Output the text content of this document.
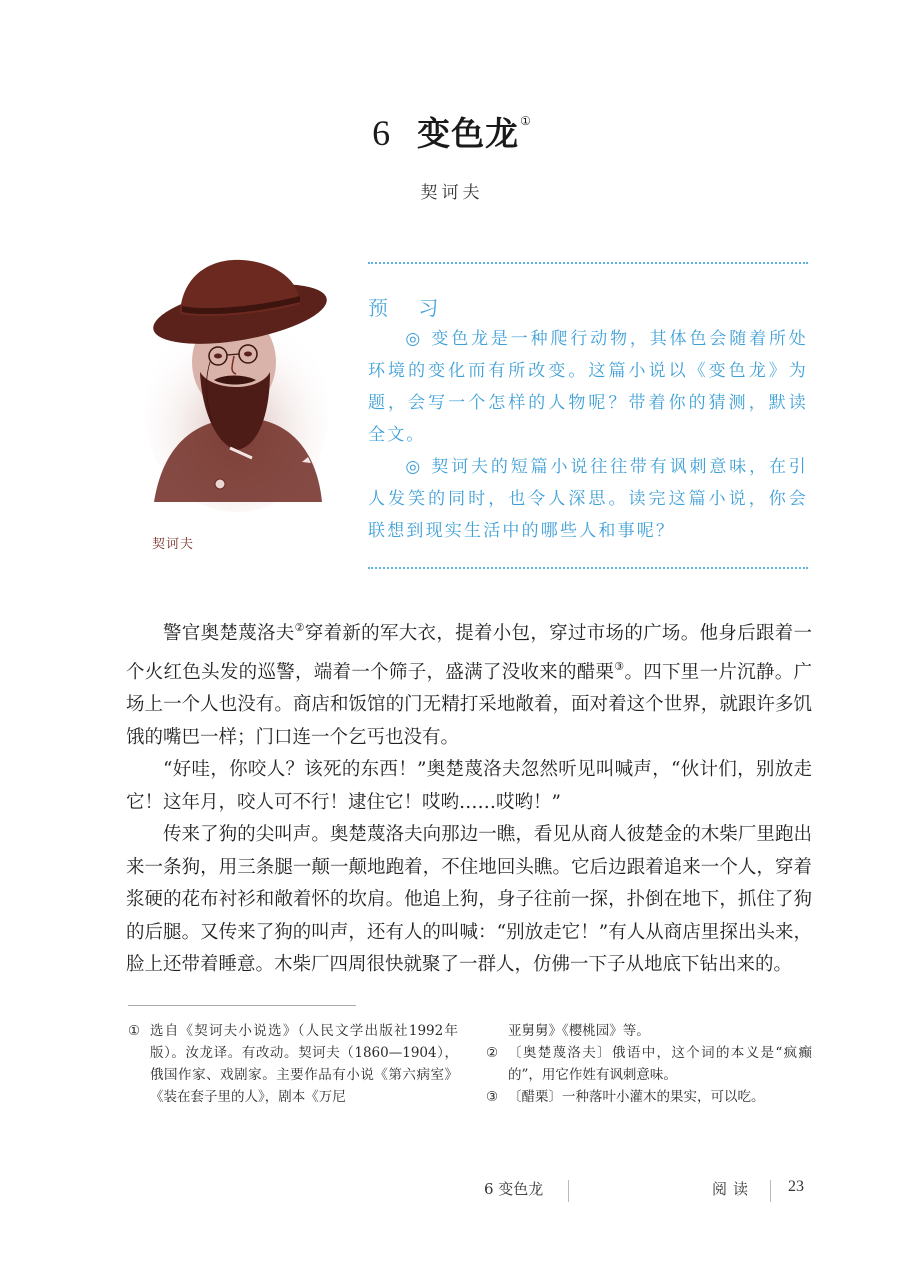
6 变色龙①
契诃夫
契诃夫
预 习

◎ 变色龙是一种爬行动物，其体色会随着所处环境的变化而有所改变。这篇小说以《变色龙》为题，会写一个怎样的人物呢？带着你的猜测，默读全文。

◎ 契诃夫的短篇小说往往带有讽刺意味，在引人发笑的同时，也令人深思。读完这篇小说，你会联想到现实生活中的哪些人和事呢？

警官奥楚蔑洛夫②穿着新的军大衣，提着小包，穿过市场的广场。他身后跟着一个火红色头发的巡警，端着一个筛子，盛满了没收来的醋栗③。四下里一片沉静。广场上一个人也没有。商店和饭馆的门无精打采地敞着，面对着这个世界，就跟许多饥饿的嘴巴一样；门口连一个乞丐也没有。

“好哇，你咬人？该死的东西！”奥楚蔑洛夫忽然听见叫喊声，“伙计们，别放走它！这年月，咬人可不行！逮住它！哎哟……哎哟！”

传来了狗的尖叫声。奥楚蔑洛夫向那边一瞧，看见从商人彼楚金的木柴厂里跑出来一条狗，用三条腿一颠一颠地跑着，不住地回头瞧。它后边跟着追来一个人，穿着浆硬的花布衬衫和敞着怀的坎肩。他追上狗，身子往前一探，扑倒在地下，抓住了狗的后腿。又传来了狗的叫声，还有人的叫喊：“别放走它！”有人从商店里探出头来，脸上还带着睡意。木柴厂四周很快就聚了一群人，仿佛一下子从地底下钻出来的。

① 选自《契诃夫小说选》（人民文学出版社1992年版）。汝龙译。有改动。契诃夫（1860—1904），俄国作家、戏剧家。主要作品有小说《第六病室》《装在套子里的人》，剧本《万尼
亚舅舅》《樱桃园》等。
② 〔奥楚蔑洛夫〕俄语中，这个词的本义是“疯癫的”，用它作姓有讽刺意味。
③ 〔醋栗〕一种落叶小灌木的果实，可以吃。
6 变色龙	阅读 23
